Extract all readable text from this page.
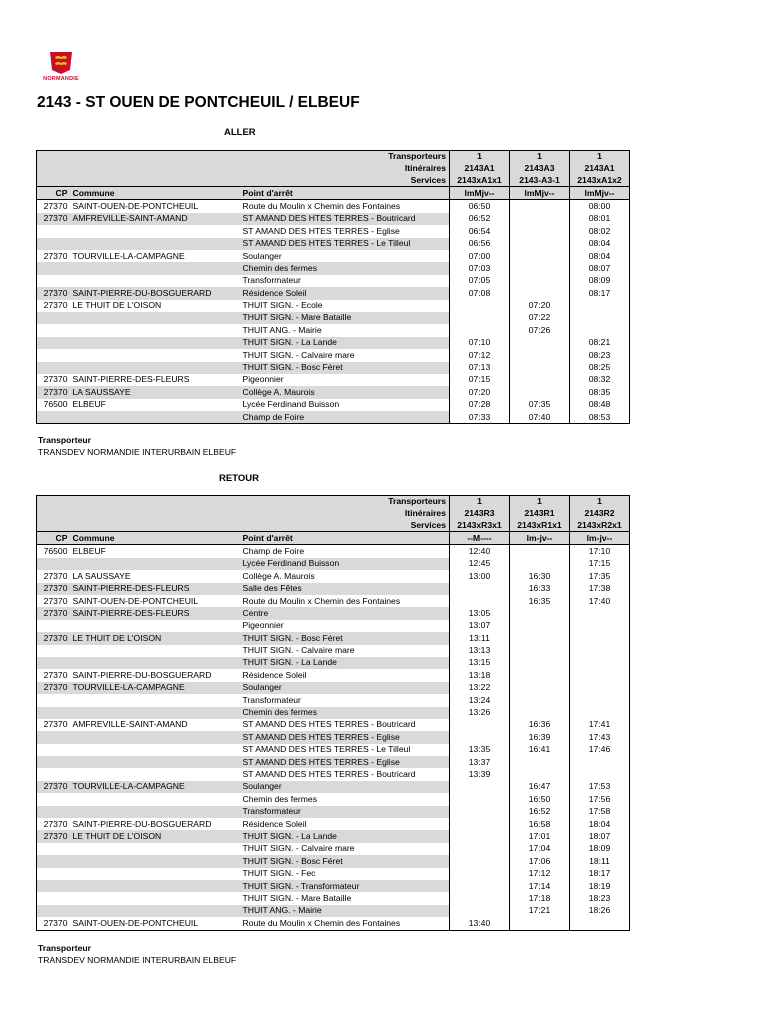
NORMANDIE
2143 - ST OUEN DE PONTCHEUIL / ELBEUF
ALLER
Transporteurs			1	1	1
Itinéraires			2143A1	2143A3	2143A1
Services			2143xA1x1	2143-A3-1	2143xA1x2
CP	Commune	Point d'arrêt	lmMjv--	lmMjv--	lmMjv--
27370	SAINT-OUEN-DE-PONTCHEUIL	Route du Moulin x Chemin des Fontaines	06:50		08:00
27370	AMFREVILLE-SAINT-AMAND	ST AMAND DES HTES TERRES - Boutricard	06:52		08:01
		ST AMAND DES HTES TERRES - Eglise	06:54		08:02
		ST AMAND DES HTES TERRES - Le Tilleul	06:56		08:04
27370	TOURVILLE-LA-CAMPAGNE	Soulanger	07:00		08:04
		Chemin des fermes	07:03		08:07
		Transformateur	07:05		08:09
27370	SAINT-PIERRE-DU-BOSGUERARD	Résidence Soleil	07:08		08:17
27370	LE THUIT DE L'OISON	THUIT SIGN. - Ecole		07:20	
		THUIT SIGN. - Mare Bataille		07:22	
		THUIT ANG. - Mairie		07:26	
		THUIT SIGN. - La Lande	07:10		08:21
		THUIT SIGN. - Calvaire mare	07:12		08:23
		THUIT SIGN. - Bosc Féret	07:13		08:25
27370	SAINT-PIERRE-DES-FLEURS	Pigeonnier	07:15		08:32
27370	LA SAUSSAYE	Collège A. Maurois	07:20		08:35
76500	ELBEUF	Lycée Ferdinand Buisson	07:28	07:35	08:48
		Champ de Foire	07:33	07:40	08:53
Transporteur
TRANSDEV NORMANDIE INTERURBAIN ELBEUF
RETOUR
Transporteurs			1	1	1
Itinéraires			2143R3	2143R1	2143R2
Services			2143xR3x1	2143xR1x1	2143xR2x1
CP	Commune	Point d'arrêt	--M----	lm-jv--	lm-jv--
76500	ELBEUF	Champ de Foire	12:40		17:10
		Lycée Ferdinand Buisson	12:45		17:15
27370	LA SAUSSAYE	Collège A. Maurois	13:00	16:30	17:35
27370	SAINT-PIERRE-DES-FLEURS	Salle des Fêtes		16:33	17:38
27370	SAINT-OUEN-DE-PONTCHEUIL	Route du Moulin x Chemin des Fontaines		16:35	17:40
27370	SAINT-PIERRE-DES-FLEURS	Centre	13:05		
		Pigeonnier	13:07		
27370	LE THUIT DE L'OISON	THUIT SIGN. - Bosc Féret	13:11		
		THUIT SIGN. - Calvaire mare	13:13		
		THUIT SIGN. - La Lande	13:15		
27370	SAINT-PIERRE-DU-BOSGUERARD	Résidence Soleil	13:18		
27370	TOURVILLE-LA-CAMPAGNE	Soulanger	13:22		
		Transformateur	13:24		
		Chemin des fermes	13:26		
27370	AMFREVILLE-SAINT-AMAND	ST AMAND DES HTES TERRES - Boutricard		16:36	17:41
		ST AMAND DES HTES TERRES - Eglise		16:39	17:43
		ST AMAND DES HTES TERRES - Le Tilleul	13:35	16:41	17:46
		ST AMAND DES HTES TERRES - Eglise	13:37		
		ST AMAND DES HTES TERRES - Boutricard	13:39		
27370	TOURVILLE-LA-CAMPAGNE	Soulanger		16:47	17:53
		Chemin des fermes		16:50	17:56
		Transformateur		16:52	17:58
27370	SAINT-PIERRE-DU-BOSGUERARD	Résidence Soleil		16:58	18:04
27370	LE THUIT DE L'OISON	THUIT SIGN. - La Lande		17:01	18:07
		THUIT SIGN. - Calvaire mare		17:04	18:09
		THUIT SIGN. - Bosc Féret		17:06	18:11
		THUIT SIGN. - Fec		17:12	18:17
		THUIT SIGN. - Transformateur		17:14	18:19
		THUIT SIGN. - Mare Bataille		17:18	18:23
		THUIT ANG. - Mairie		17:21	18:26
27370	SAINT-OUEN-DE-PONTCHEUIL	Route du Moulin x Chemin des Fontaines	13:40		
Transporteur
TRANSDEV NORMANDIE INTERURBAIN ELBEUF
